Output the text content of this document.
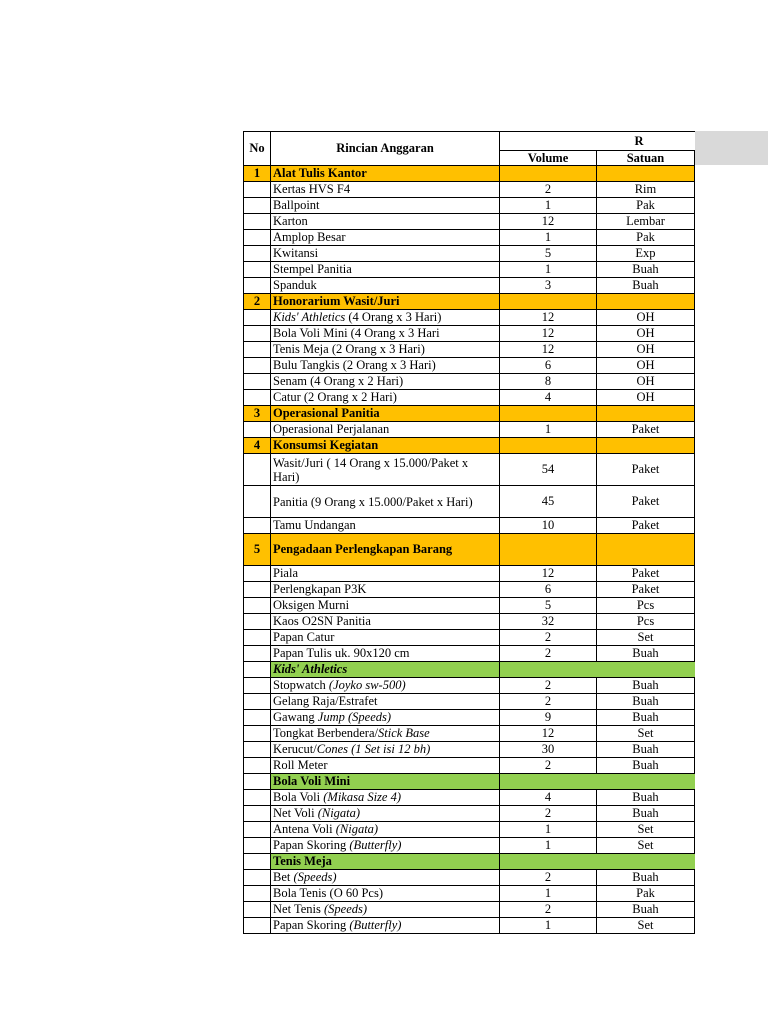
No	Rincian Anggaran	R		
		Volume	Satuan	
1	Alat Tulis Kantor			
	Kertas HVS F4	2	Rim	
	Ballpoint	1	Pak	
	Karton	12	Lembar	
	Amplop Besar	1	Pak	
	Kwitansi	5	Exp	
	Stempel Panitia	1	Buah	
	Spanduk	3	Buah	
2	Honorarium Wasit/Juri			
	Kids' Athletics (4 Orang x 3 Hari)	12	OH	
	Bola Voli Mini (4 Orang x 3 Hari	12	OH	
	Tenis Meja (2 Orang x 3 Hari)	12	OH	
	Bulu Tangkis (2 Orang x 3 Hari)	6	OH	
	Senam (4 Orang x 2 Hari)	8	OH	
	Catur (2 Orang x 2 Hari)	4	OH	
3	Operasional Panitia			
	Operasional Perjalanan	1	Paket	
4	Konsumsi Kegiatan			
	Wasit/Juri ( 14 Orang x 15.000/Paket x Hari)	54	Paket	
	Panitia (9 Orang x 15.000/Paket x Hari)	45	Paket	
	Tamu Undangan	10	Paket	
5	Pengadaan Perlengkapan Barang			
	Piala	12	Paket	
	Perlengkapan P3K	6	Paket	
	Oksigen Murni	5	Pcs	
	Kaos O2SN Panitia	32	Pcs	
	Papan Catur	2	Set	
	Papan Tulis uk. 90x120 cm	2	Buah	
	Kids' Athletics			
	Stopwatch (Joyko sw-500)	2	Buah	
	Gelang Raja/Estrafet	2	Buah	
	Gawang Jump (Speeds)	9	Buah	
	Tongkat Berbendera/Stick Base	12	Set	
	Kerucut/Cones (1 Set isi 12 bh)	30	Buah	
	Roll Meter	2	Buah	
	Bola Voli Mini			
	Bola Voli (Mikasa Size 4)	4	Buah	
	Net Voli (Nigata)	2	Buah	
	Antena Voli (Nigata)	1	Set	
	Papan Skoring (Butterfly)	1	Set	
	Tenis Meja			
	Bet (Speeds)	2	Buah	
	Bola Tenis (O 60 Pcs)	1	Pak	
	Net Tenis (Speeds)	2	Buah	
	Papan Skoring (Butterfly)	1	Set	
